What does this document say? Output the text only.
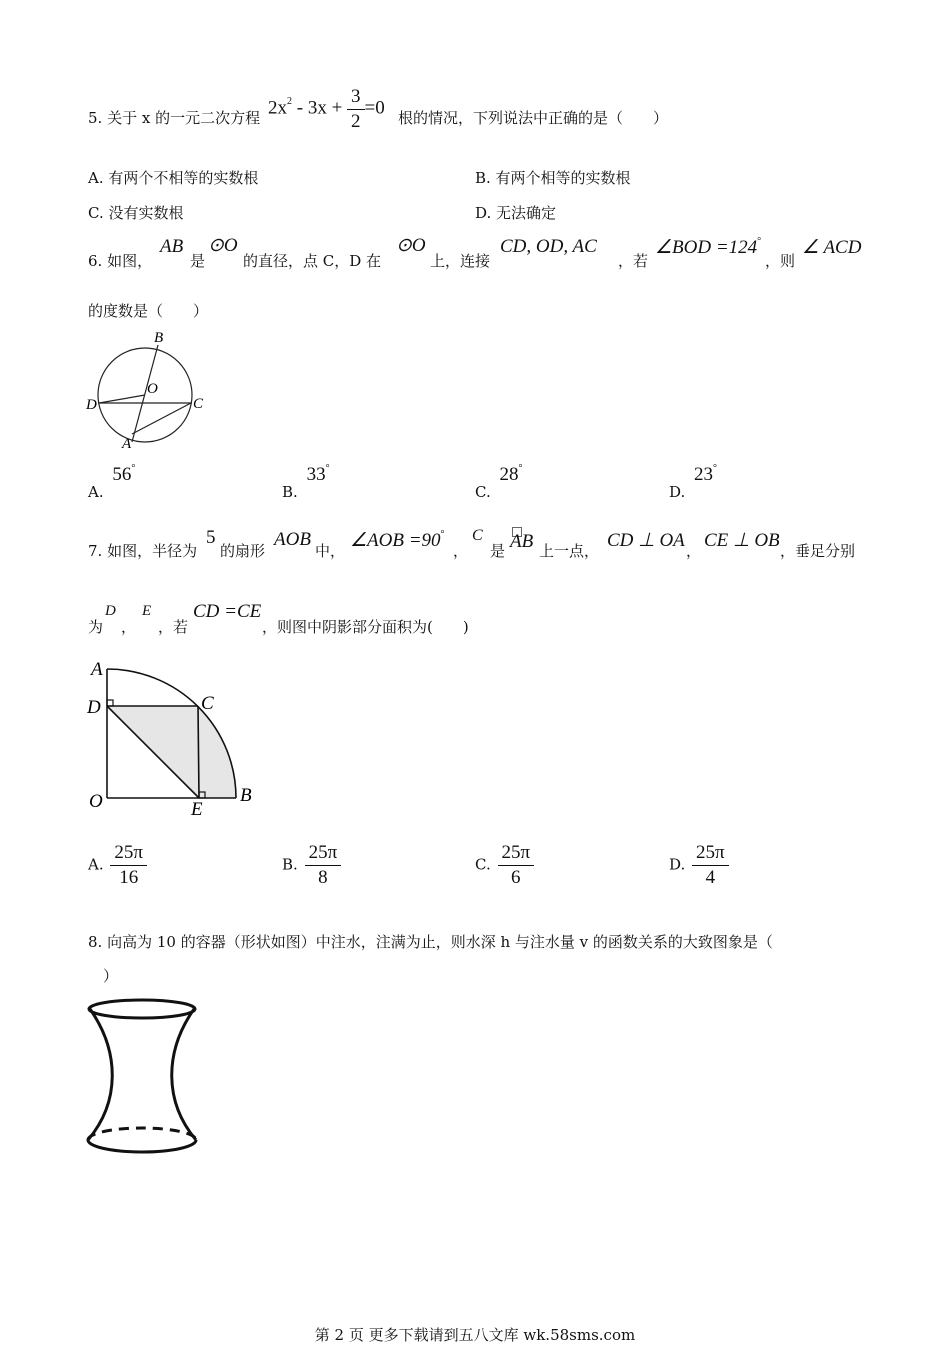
5. 关于 x 的一元二次方程 $2x^2 - 3x + \frac{3}{2} =0$ 根的情况，下列说法中正确的是（　　）
A. 有两个不相等的实数根	B. 有两个相等的实数根
C. 没有实数根	D. 无法确定
6. 如图，
AB
是
⊙O
的直径，点 C，D 在
⊙O
上，连接
CD, OD, AC
，若
∠BOD =124°
，则
∠ ACD
的度数是（　　）
B
O
D	C
A
A. 56°
B. 33°
C. 28°
D. 23°
7. 如图，半径为
5
的扇形
AOB
中， ∠AOB =90°
，
C
是 AB 上一点， CD ⊥ OA ， CE ⊥ OB ，垂足分别
为
D
，
E
，若
CD =CE
，则图中阴影部分面积为(　　)
A
D	C
O	E
B
A. $\frac{25\pi}{16}$	B. $\frac{25\pi}{8}$	C. $\frac{25\pi}{6}$	D. $\frac{25\pi}{4}$
8. 向高为 10 的容器（形状如图）中注水，注满为止，则水深 h 与注水量 v 的函数关系的大致图象是（
）
第 2 页 更多下载请到五八文库 wk.58sms.com
